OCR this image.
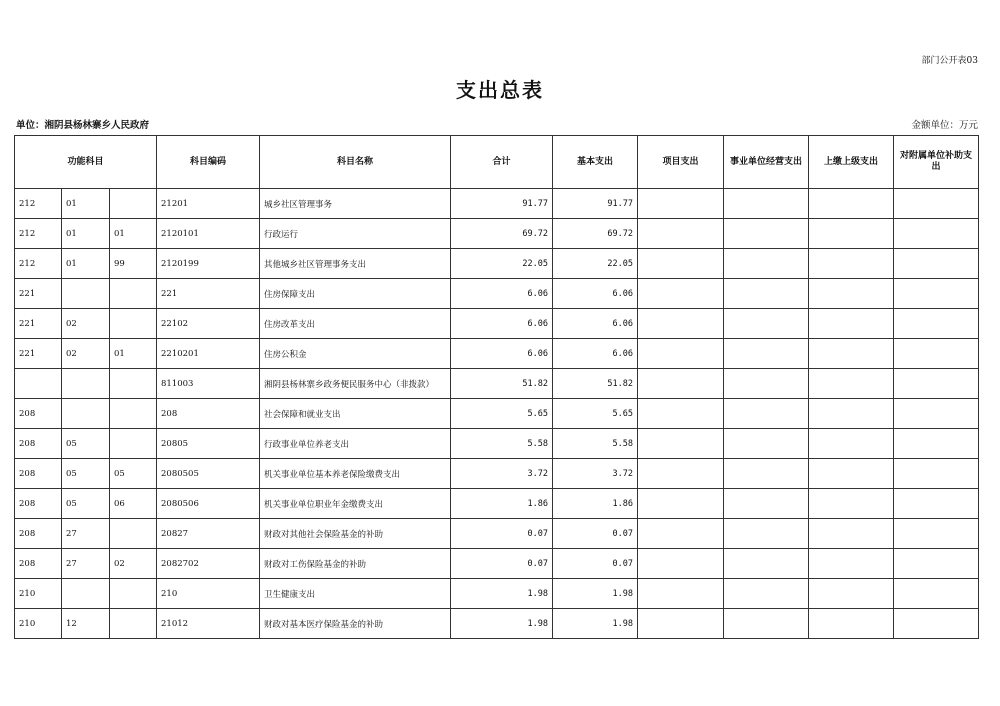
部门公开表03
支出总表
单位：湘阴县杨林寨乡人民政府	金额单位：万元
功能科目			科目编码	科目名称	合计	基本支出	项目支出	事业单位经营支出	上缴上级支出	对附属单位补助支出
212	01		21201	城乡社区管理事务	91.77	91.77				
212	01	01	2120101	行政运行	69.72	69.72				
212	01	99	2120199	其他城乡社区管理事务支出	22.05	22.05				
221			221	住房保障支出	6.06	6.06				
221	02		22102	住房改革支出	6.06	6.06				
221	02	01	2210201	住房公积金	6.06	6.06				
			811003	湘阴县杨林寨乡政务便民服务中心（非拨款）	51.82	51.82				
208			208	社会保障和就业支出	5.65	5.65				
208	05		20805	行政事业单位养老支出	5.58	5.58				
208	05	05	2080505	机关事业单位基本养老保险缴费支出	3.72	3.72				
208	05	06	2080506	机关事业单位职业年金缴费支出	1.86	1.86				
208	27		20827	财政对其他社会保险基金的补助	0.07	0.07				
208	27	02	2082702	财政对工伤保险基金的补助	0.07	0.07				
210			210	卫生健康支出	1.98	1.98				
210	12		21012	财政对基本医疗保险基金的补助	1.98	1.98				
